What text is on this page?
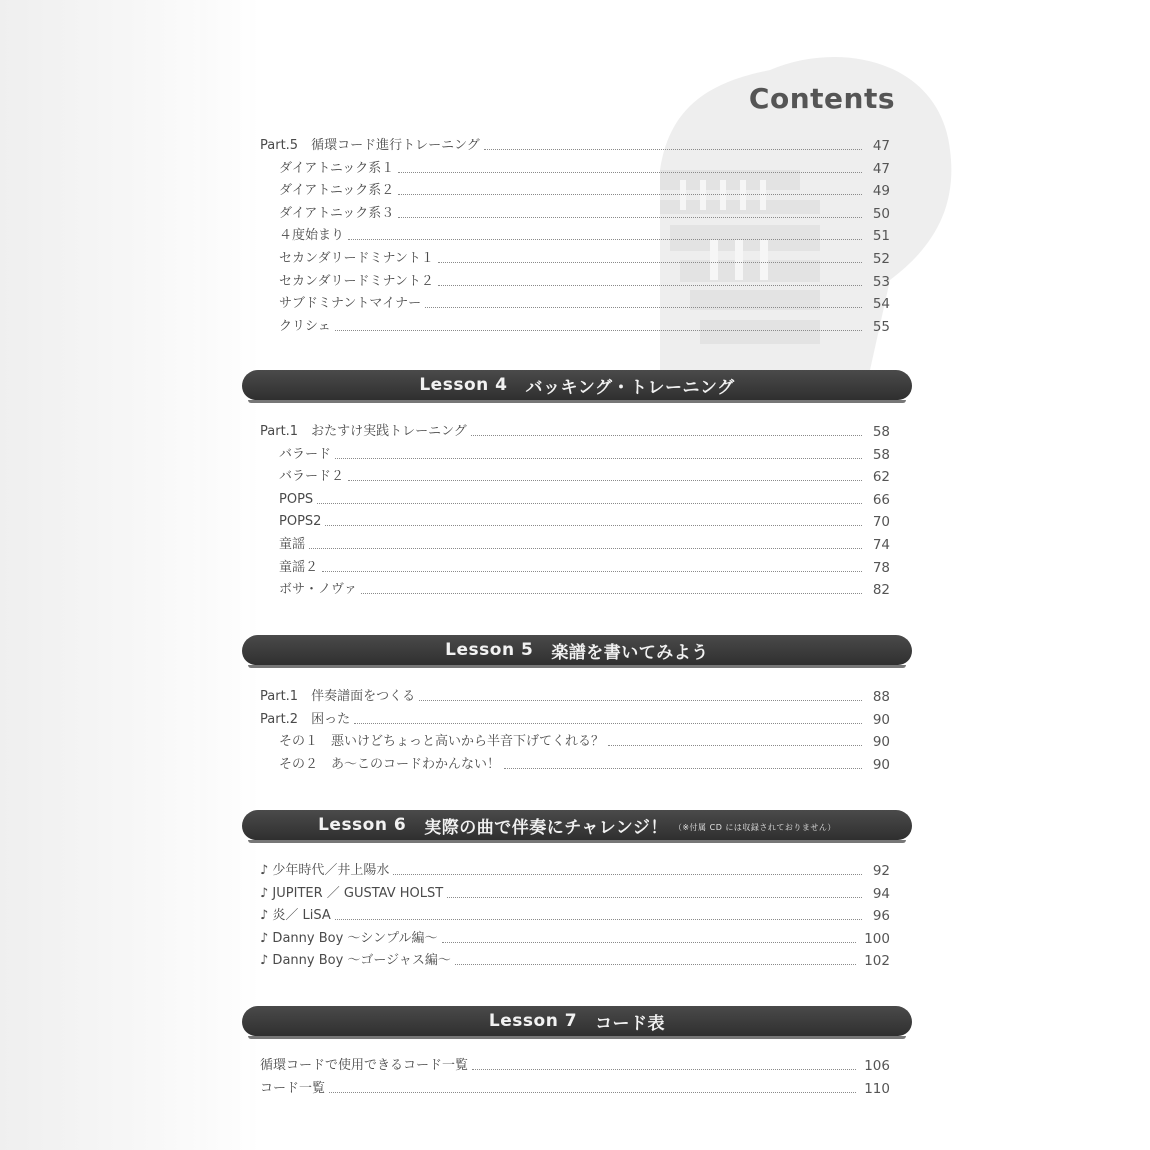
Contents
Part.5　循環コード進行トレーニング	47
ダイアトニック系１	47
ダイアトニック系２	49
ダイアトニック系３	50
４度始まり	51
セカンダリードミナント１	52
セカンダリードミナント２	53
サブドミナントマイナー	54
クリシェ	55
Lesson 4 バッキング・トレーニング
Part.1　おたすけ実践トレーニング	58
バラード	58
バラード２	62
POPS	66
POPS2	70
童謡	74
童謡２	78
ボサ・ノヴァ	82
Lesson 5 楽譜を書いてみよう
Part.1　伴奏譜面をつくる	88
Part.2　困った	90
その１　悪いけどちょっと高いから半音下げてくれる？	90
その２　あ〜このコードわかんない！	90
Lesson 6 実際の曲で伴奏にチャレンジ！ （※付属 CD には収録されておりません）
♪ 少年時代／井上陽水	92
♪ JUPITER ／ GUSTAV HOLST	94
♪ 炎／ LiSA	96
♪ Danny Boy ～シンプル編～	100
♪ Danny Boy ～ゴージャス編～	102
Lesson 7 コード表
循環コードで使用できるコード一覧	106
コード一覧	110
